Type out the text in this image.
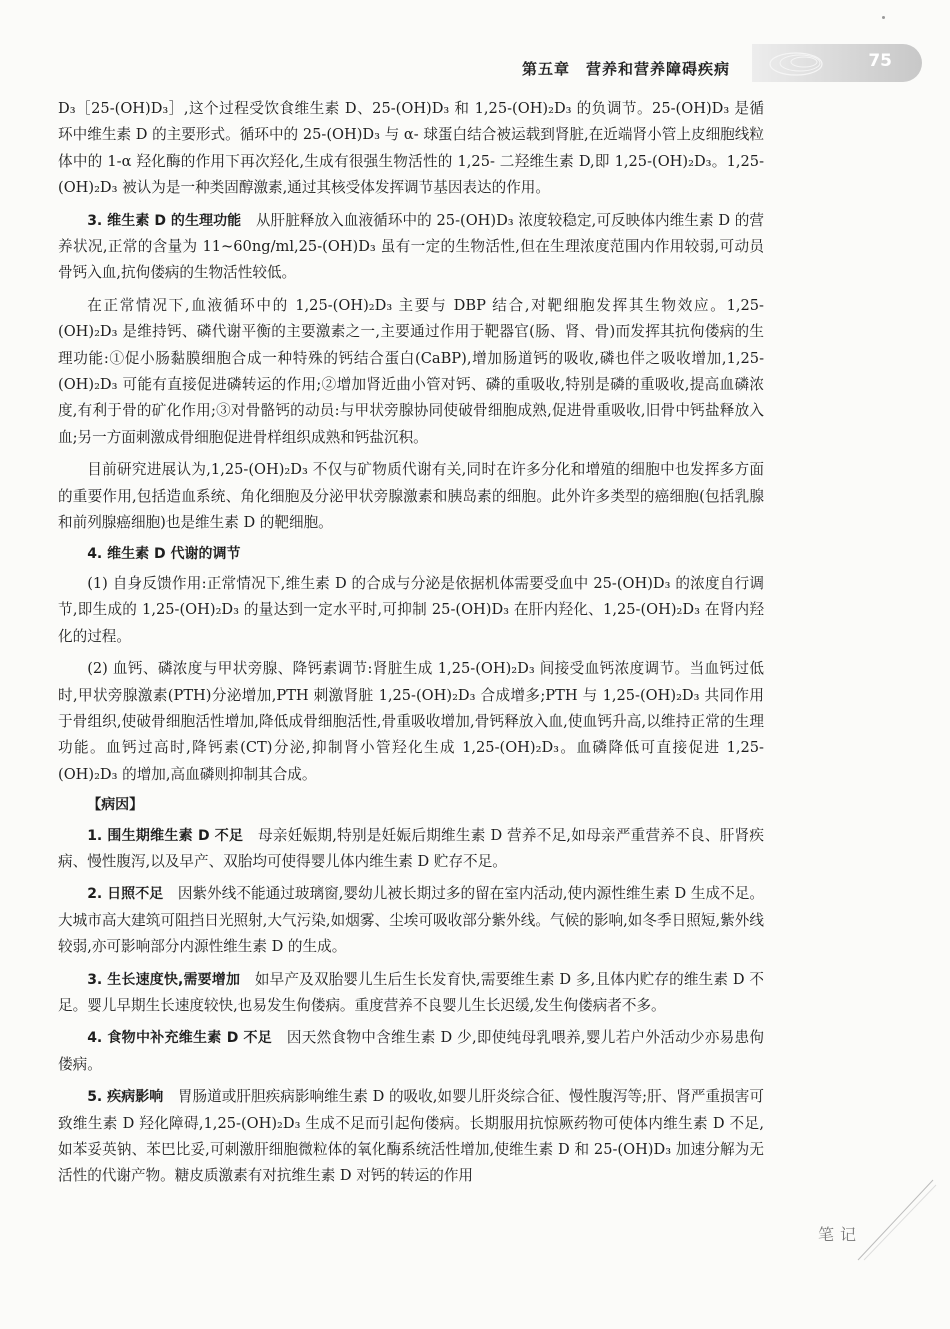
第五章　营养和营养障碍疾病	75

D₃［25-(OH)D₃］,这个过程受饮食维生素 D、25-(OH)D₃ 和 1,25-(OH)₂D₃ 的负调节。25-(OH)D₃ 是循环中维生素 D 的主要形式。循环中的 25-(OH)D₃ 与 α- 球蛋白结合被运载到肾脏,在近端肾小管上皮细胞线粒体中的 1-α 羟化酶的作用下再次羟化,生成有很强生物活性的 1,25- 二羟维生素 D,即 1,25-(OH)₂D₃。1,25-(OH)₂D₃ 被认为是一种类固醇激素,通过其核受体发挥调节基因表达的作用。

3. 维生素 D 的生理功能　从肝脏释放入血液循环中的 25-(OH)D₃ 浓度较稳定,可反映体内维生素 D 的营养状况,正常的含量为 11~60ng/ml,25-(OH)D₃ 虽有一定的生物活性,但在生理浓度范围内作用较弱,可动员骨钙入血,抗佝偻病的生物活性较低。

在正常情况下,血液循环中的 1,25-(OH)₂D₃ 主要与 DBP 结合,对靶细胞发挥其生物效应。1,25-(OH)₂D₃ 是维持钙、磷代谢平衡的主要激素之一,主要通过作用于靶器官(肠、肾、骨)而发挥其抗佝偻病的生理功能:①促小肠黏膜细胞合成一种特殊的钙结合蛋白(CaBP),增加肠道钙的吸收,磷也伴之吸收增加,1,25-(OH)₂D₃ 可能有直接促进磷转运的作用;②增加肾近曲小管对钙、磷的重吸收,特别是磷的重吸收,提高血磷浓度,有利于骨的矿化作用;③对骨骼钙的动员:与甲状旁腺协同使破骨细胞成熟,促进骨重吸收,旧骨中钙盐释放入血;另一方面刺激成骨细胞促进骨样组织成熟和钙盐沉积。

目前研究进展认为,1,25-(OH)₂D₃ 不仅与矿物质代谢有关,同时在许多分化和增殖的细胞中也发挥多方面的重要作用,包括造血系统、角化细胞及分泌甲状旁腺激素和胰岛素的细胞。此外许多类型的癌细胞(包括乳腺和前列腺癌细胞)也是维生素 D 的靶细胞。

4. 维生素 D 代谢的调节

(1) 自身反馈作用:正常情况下,维生素 D 的合成与分泌是依据机体需要受血中 25-(OH)D₃ 的浓度自行调节,即生成的 1,25-(OH)₂D₃ 的量达到一定水平时,可抑制 25-(OH)D₃ 在肝内羟化、1,25-(OH)₂D₃ 在肾内羟化的过程。

(2) 血钙、磷浓度与甲状旁腺、降钙素调节:肾脏生成 1,25-(OH)₂D₃ 间接受血钙浓度调节。当血钙过低时,甲状旁腺激素(PTH)分泌增加,PTH 刺激肾脏 1,25-(OH)₂D₃ 合成增多;PTH 与 1,25-(OH)₂D₃ 共同作用于骨组织,使破骨细胞活性增加,降低成骨细胞活性,骨重吸收增加,骨钙释放入血,使血钙升高,以维持正常的生理功能。血钙过高时,降钙素(CT)分泌,抑制肾小管羟化生成 1,25-(OH)₂D₃。血磷降低可直接促进 1,25-(OH)₂D₃ 的增加,高血磷则抑制其合成。

【病因】

1. 围生期维生素 D 不足　母亲妊娠期,特别是妊娠后期维生素 D 营养不足,如母亲严重营养不良、肝肾疾病、慢性腹泻,以及早产、双胎均可使得婴儿体内维生素 D 贮存不足。

2. 日照不足　因紫外线不能通过玻璃窗,婴幼儿被长期过多的留在室内活动,使内源性维生素 D 生成不足。大城市高大建筑可阻挡日光照射,大气污染,如烟雾、尘埃可吸收部分紫外线。气候的影响,如冬季日照短,紫外线较弱,亦可影响部分内源性维生素 D 的生成。

3. 生长速度快,需要增加　如早产及双胎婴儿生后生长发育快,需要维生素 D 多,且体内贮存的维生素 D 不足。婴儿早期生长速度较快,也易发生佝偻病。重度营养不良婴儿生长迟缓,发生佝偻病者不多。

4. 食物中补充维生素 D 不足　因天然食物中含维生素 D 少,即使纯母乳喂养,婴儿若户外活动少亦易患佝偻病。

5. 疾病影响　胃肠道或肝胆疾病影响维生素 D 的吸收,如婴儿肝炎综合征、慢性腹泻等;肝、肾严重损害可致维生素 D 羟化障碍,1,25-(OH)₂D₃ 生成不足而引起佝偻病。长期服用抗惊厥药物可使体内维生素 D 不足,如苯妥英钠、苯巴比妥,可刺激肝细胞微粒体的氧化酶系统活性增加,使维生素 D 和 25-(OH)D₃ 加速分解为无活性的代谢产物。糖皮质激素有对抗维生素 D 对钙的转运的作用

笔记
